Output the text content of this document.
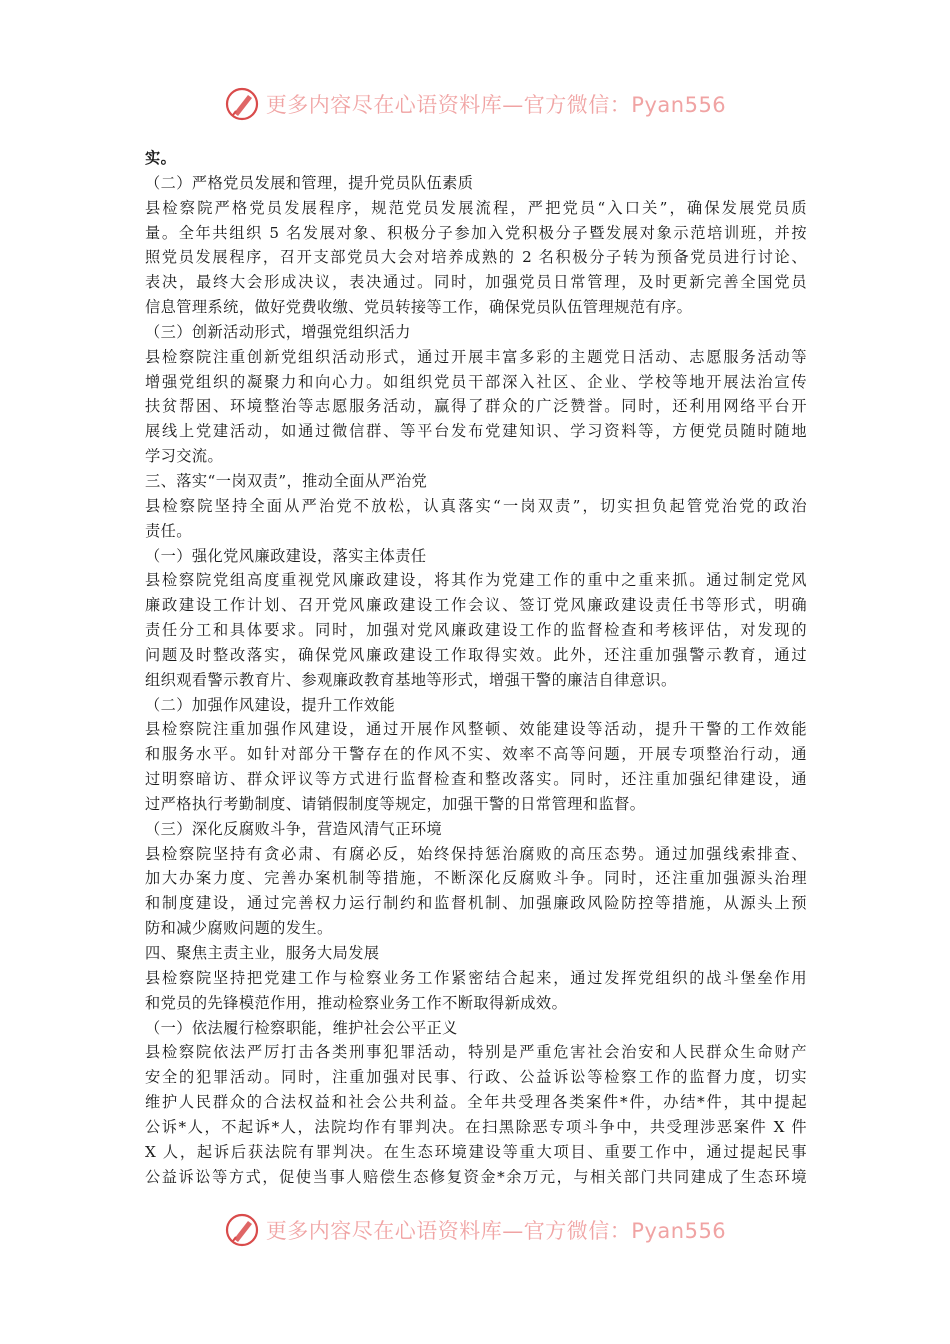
更多内容尽在心语资料库—官方微信：Pyan556
实。
（二）严格党员发展和管理，提升党员队伍素质
县检察院严格党员发展程序，规范党员发展流程，严把党员“入口关”，确保发展党员质
量。全年共组织 5 名发展对象、积极分子参加入党积极分子暨发展对象示范培训班，并按
照党员发展程序，召开支部党员大会对培养成熟的 2 名积极分子转为预备党员进行讨论、
表决，最终大会形成决议，表决通过。同时，加强党员日常管理，及时更新完善全国党员
信息管理系统，做好党费收缴、党员转接等工作，确保党员队伍管理规范有序。
（三）创新活动形式，增强党组织活力
县检察院注重创新党组织活动形式，通过开展丰富多彩的主题党日活动、志愿服务活动等
增强党组织的凝聚力和向心力。如组织党员干部深入社区、企业、学校等地开展法治宣传
扶贫帮困、环境整治等志愿服务活动，赢得了群众的广泛赞誉。同时，还利用网络平台开
展线上党建活动，如通过微信群、等平台发布党建知识、学习资料等，方便党员随时随地
学习交流。
三、落实“一岗双责”，推动全面从严治党
县检察院坚持全面从严治党不放松，认真落实“一岗双责”，切实担负起管党治党的政治
责任。
（一）强化党风廉政建设，落实主体责任
县检察院党组高度重视党风廉政建设，将其作为党建工作的重中之重来抓。通过制定党风
廉政建设工作计划、召开党风廉政建设工作会议、签订党风廉政建设责任书等形式，明确
责任分工和具体要求。同时，加强对党风廉政建设工作的监督检查和考核评估，对发现的
问题及时整改落实，确保党风廉政建设工作取得实效。此外，还注重加强警示教育，通过
组织观看警示教育片、参观廉政教育基地等形式，增强干警的廉洁自律意识。
（二）加强作风建设，提升工作效能
县检察院注重加强作风建设，通过开展作风整顿、效能建设等活动，提升干警的工作效能
和服务水平。如针对部分干警存在的作风不实、效率不高等问题，开展专项整治行动，通
过明察暗访、群众评议等方式进行监督检查和整改落实。同时，还注重加强纪律建设，通
过严格执行考勤制度、请销假制度等规定，加强干警的日常管理和监督。
（三）深化反腐败斗争，营造风清气正环境
县检察院坚持有贪必肃、有腐必反，始终保持惩治腐败的高压态势。通过加强线索排查、
加大办案力度、完善办案机制等措施，不断深化反腐败斗争。同时，还注重加强源头治理
和制度建设，通过完善权力运行制约和监督机制、加强廉政风险防控等措施，从源头上预
防和减少腐败问题的发生。
四、聚焦主责主业，服务大局发展
县检察院坚持把党建工作与检察业务工作紧密结合起来，通过发挥党组织的战斗堡垒作用
和党员的先锋模范作用，推动检察业务工作不断取得新成效。
（一）依法履行检察职能，维护社会公平正义
县检察院依法严厉打击各类刑事犯罪活动，特别是严重危害社会治安和人民群众生命财产
安全的犯罪活动。同时，注重加强对民事、行政、公益诉讼等检察工作的监督力度，切实
维护人民群众的合法权益和社会公共利益。全年共受理各类案件*件，办结*件，其中提起
公诉*人，不起诉*人，法院均作有罪判决。在扫黑除恶专项斗争中，共受理涉恶案件 X 件
X 人，起诉后获法院有罪判决。在生态环境建设等重大项目、重要工作中，通过提起民事
公益诉讼等方式，促使当事人赔偿生态修复资金*余万元，与相关部门共同建成了生态环境
更多内容尽在心语资料库—官方微信：Pyan556
